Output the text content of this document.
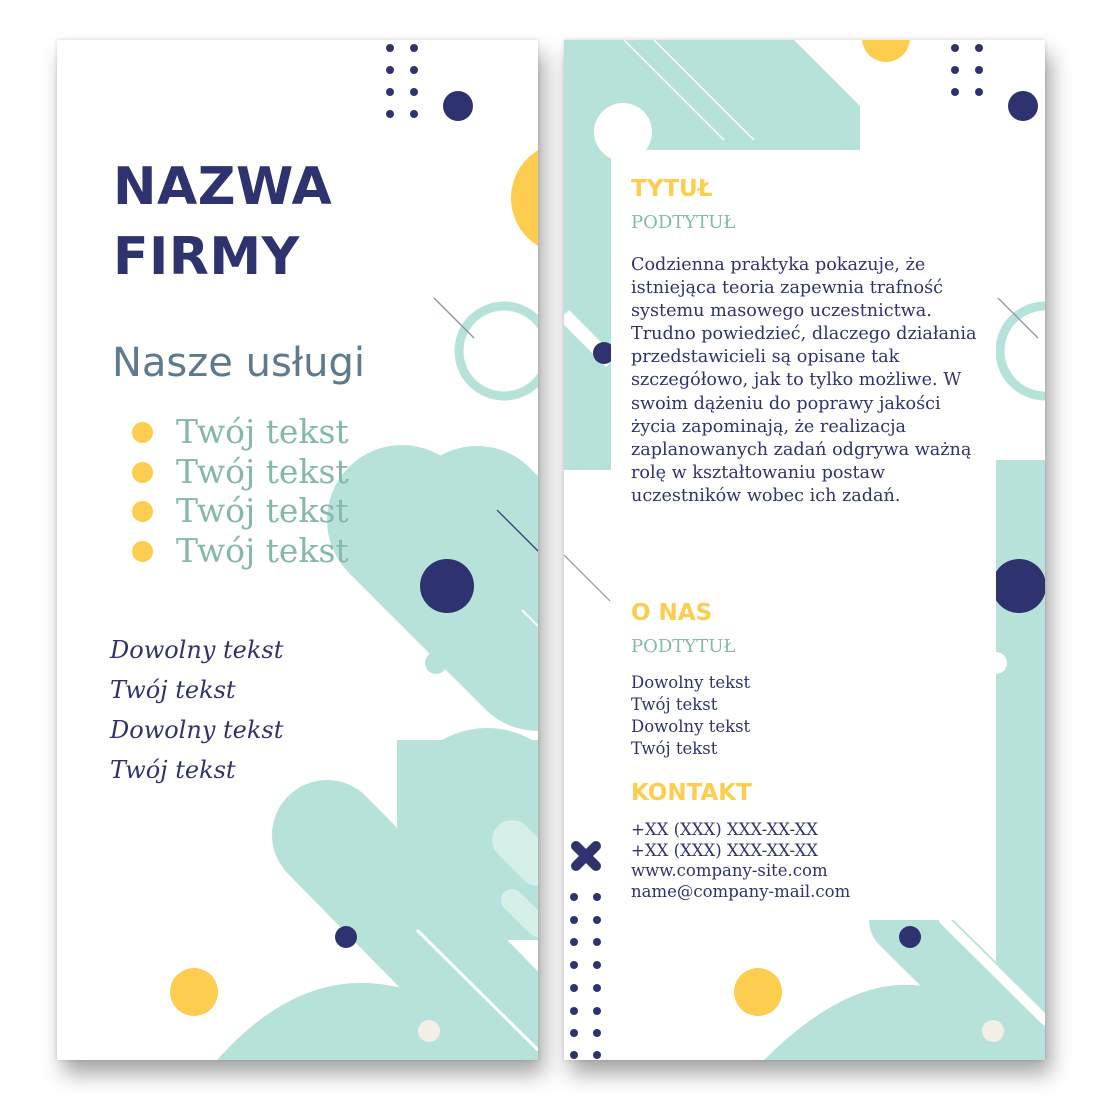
NAZWA
FIRMY
Nasze usługi
Twój tekst
Twój tekst
Twój tekst
Twój tekst
Dowolny tekst
Twój tekst
Dowolny tekst
Twój tekst
TYTUŁ
PODTYTUŁ

Codzienna praktyka pokazuje, że istniejąca teoria zapewnia trafność systemu masowego uczestnictwa. Trudno powiedzieć, dlaczego działania przedstawicieli są opisane tak szczegółowo, jak to tylko możliwe. W swoim dążeniu do poprawy jakości życia zapominają, że realizacja zaplanowanych zadań odgrywa ważną rolę w kształtowaniu postaw uczestników wobec ich zadań.

O NAS
PODTYTUŁ
Dowolny tekst
Twój tekst
Dowolny tekst
Twój tekst
KONTAKT
+XX (XXX) XXX-XX-XX
+XX (XXX) XXX-XX-XX
www.company-site.com
name@company-mail.com
